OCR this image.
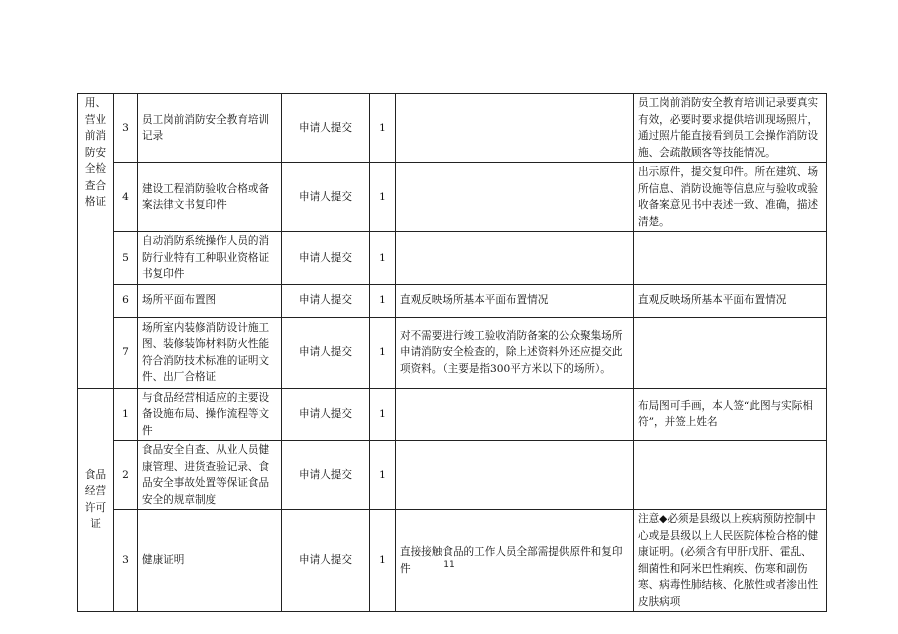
用、营业前消防安全检查合格证	3	员工岗前消防安全教育培训记录	申请人提交	1		员工岗前消防安全教育培训记录要真实有效，必要时要求提供培训现场照片，通过照片能直接看到员工会操作消防设施、会疏散顾客等技能情况。
	4	建设工程消防验收合格或备案法律文书复印件	申请人提交	1		出示原件，提交复印件。所在建筑、场所信息、消防设施等信息应与验收或验收备案意见书中表述一致、准确，描述清楚。
	5	自动消防系统操作人员的消防行业特有工种职业资格证书复印件	申请人提交	1		
	6	场所平面布置图	申请人提交	1	直观反映场所基本平面布置情况	直观反映场所基本平面布置情况
	7	场所室内装修消防设计施工图、装修装饰材料防火性能符合消防技术标准的证明文件、出厂合格证	申请人提交	1	对不需要进行竣工验收消防备案的公众聚集场所申请消防安全检查的，除上述资料外还应提交此项资料。（主要是指300平方米以下的场所）。	
食品经营许可证	1	与食品经营相适应的主要设备设施布局、操作流程等文件	申请人提交	1		布局图可手画，本人签“此图与实际相符”，并签上姓名
	2	食品安全自查、从业人员健康管理、进货查验记录、食品安全事故处置等保证食品安全的规章制度	申请人提交	1		
	3	健康证明	申请人提交	1	直接接触食品的工作人员全部需提供原件和复印件	注意◆必须是县级以上疾病预防控制中心或是县级以上人民医院体检合格的健康证明。(必须含有甲肝戊肝、霍乱、细菌性和阿米巴性痢疾、伤寒和副伤寒、病毒性肺结核、化脓性或者渗出性皮肤病项
11
